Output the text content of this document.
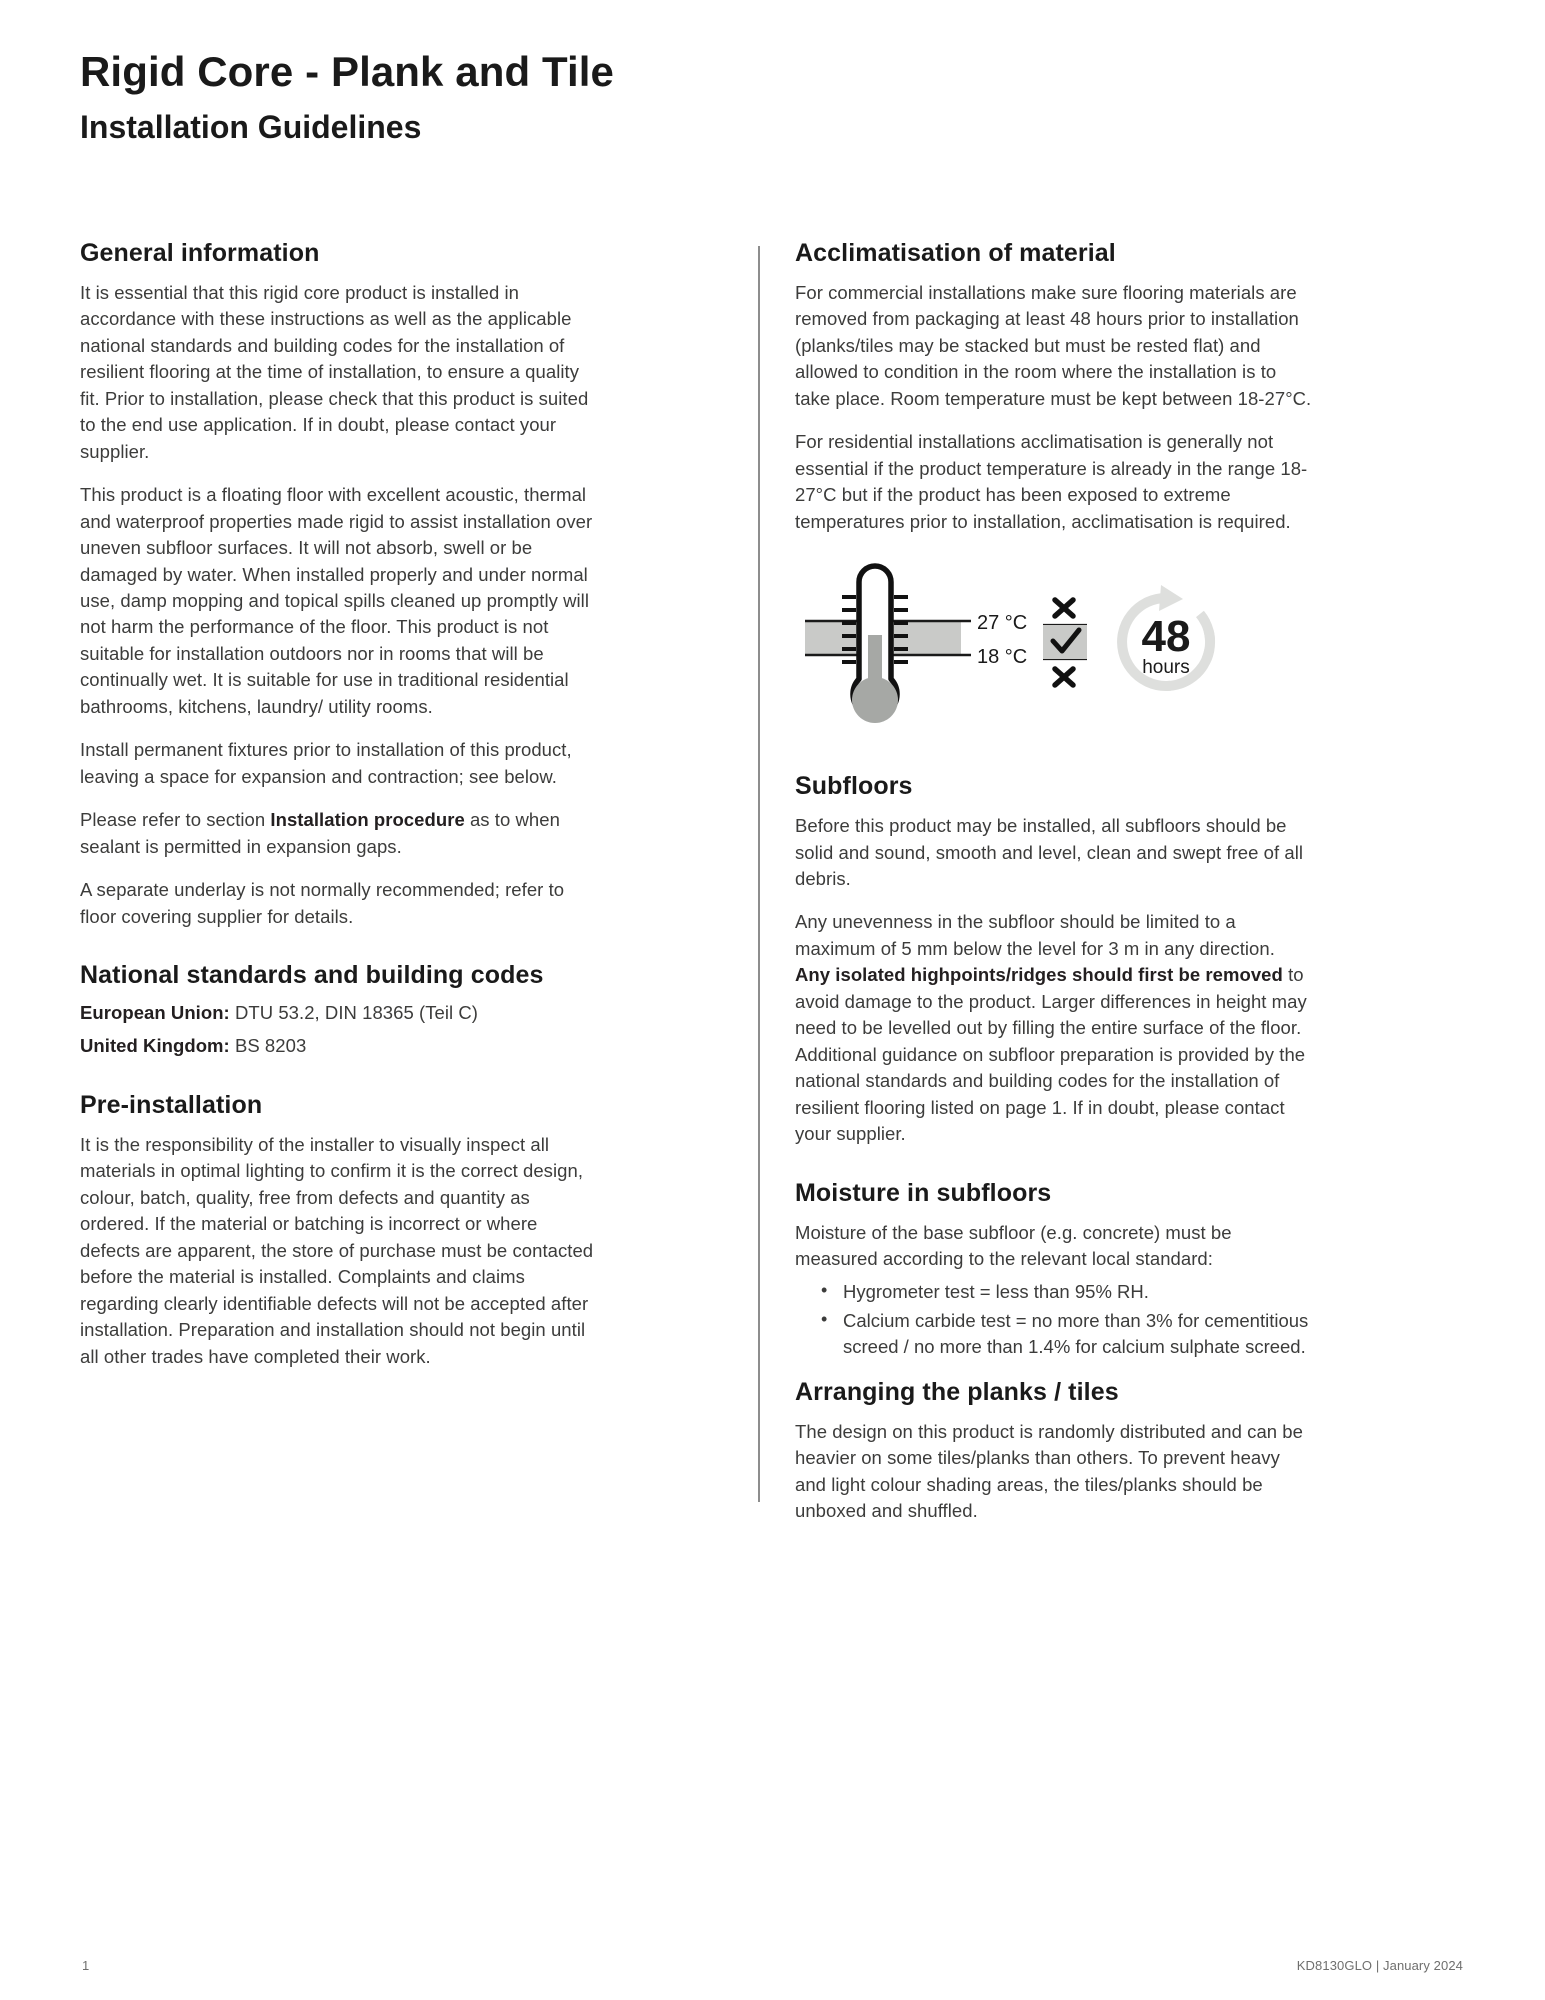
Rigid Core - Plank and Tile
Installation Guidelines
General information

It is essential that this rigid core product is installed in accordance with these instructions as well as the applicable national standards and building codes for the installation of resilient flooring at the time of installation, to ensure a quality fit. Prior to installation, please check that this product is suited to the end use application. If in doubt, please contact your supplier.

This product is a floating floor with excellent acoustic, thermal and waterproof properties made rigid to assist installation over uneven subfloor surfaces. It will not absorb, swell or be damaged by water. When installed properly and under normal use, damp mopping and topical spills cleaned up promptly will not harm the performance of the floor. This product is not suitable for installation outdoors nor in rooms that will be continually wet. It is suitable for use in traditional residential bathrooms, kitchens, laundry/ utility rooms.

Install permanent fixtures prior to installation of this product, leaving a space for expansion and contraction; see below.

Please refer to section Installation procedure as to when sealant is permitted in expansion gaps.

A separate underlay is not normally recommended; refer to floor covering supplier for details.

National standards and building codes

European Union: DTU 53.2, DIN 18365 (Teil C)

United Kingdom: BS 8203

Pre-installation

It is the responsibility of the installer to visually inspect all materials in optimal lighting to confirm it is the correct design, colour, batch, quality, free from defects and quantity as ordered. If the material or batching is incorrect or where defects are apparent, the store of purchase must be contacted before the material is installed. Complaints and claims regarding clearly identifiable defects will not be accepted after installation. Preparation and installation should not begin until all other trades have completed their work.

Acclimatisation of material

For commercial installations make sure flooring materials are removed from packaging at least 48 hours prior to installation (planks/tiles may be stacked but must be rested flat) and allowed to condition in the room where the installation is to take place. Room temperature must be kept between 18-27°C.

For residential installations acclimatisation is generally not essential if the product temperature is already in the range 18-27°C but if the product has been exposed to extreme temperatures prior to installation, acclimatisation is required.

27 °C
18 °C	48
hours
Subfloors

Before this product may be installed, all subfloors should be solid and sound, smooth and level, clean and swept free of all debris.

Any unevenness in the subfloor should be limited to a maximum of 5 mm below the level for 3 m in any direction. Any isolated highpoints/ridges should first be removed to avoid damage to the product. Larger differences in height may need to be levelled out by filling the entire surface of the floor. Additional guidance on subfloor preparation is provided by the national standards and building codes for the installation of resilient flooring listed on page 1. If in doubt, please contact your supplier.

Moisture in subfloors

Moisture of the base subfloor (e.g. concrete) must be measured according to the relevant local standard:

• Hygrometer test = less than 95% RH.
• Calcium carbide test = no more than 3% for cementitious screed / no more than 1.4% for calcium sulphate screed.
Arranging the planks / tiles

The design on this product is randomly distributed and can be heavier on some tiles/planks than others. To prevent heavy and light colour shading areas, the tiles/planks should be unboxed and shuffled.

1	KD8130GLO | January 2024
